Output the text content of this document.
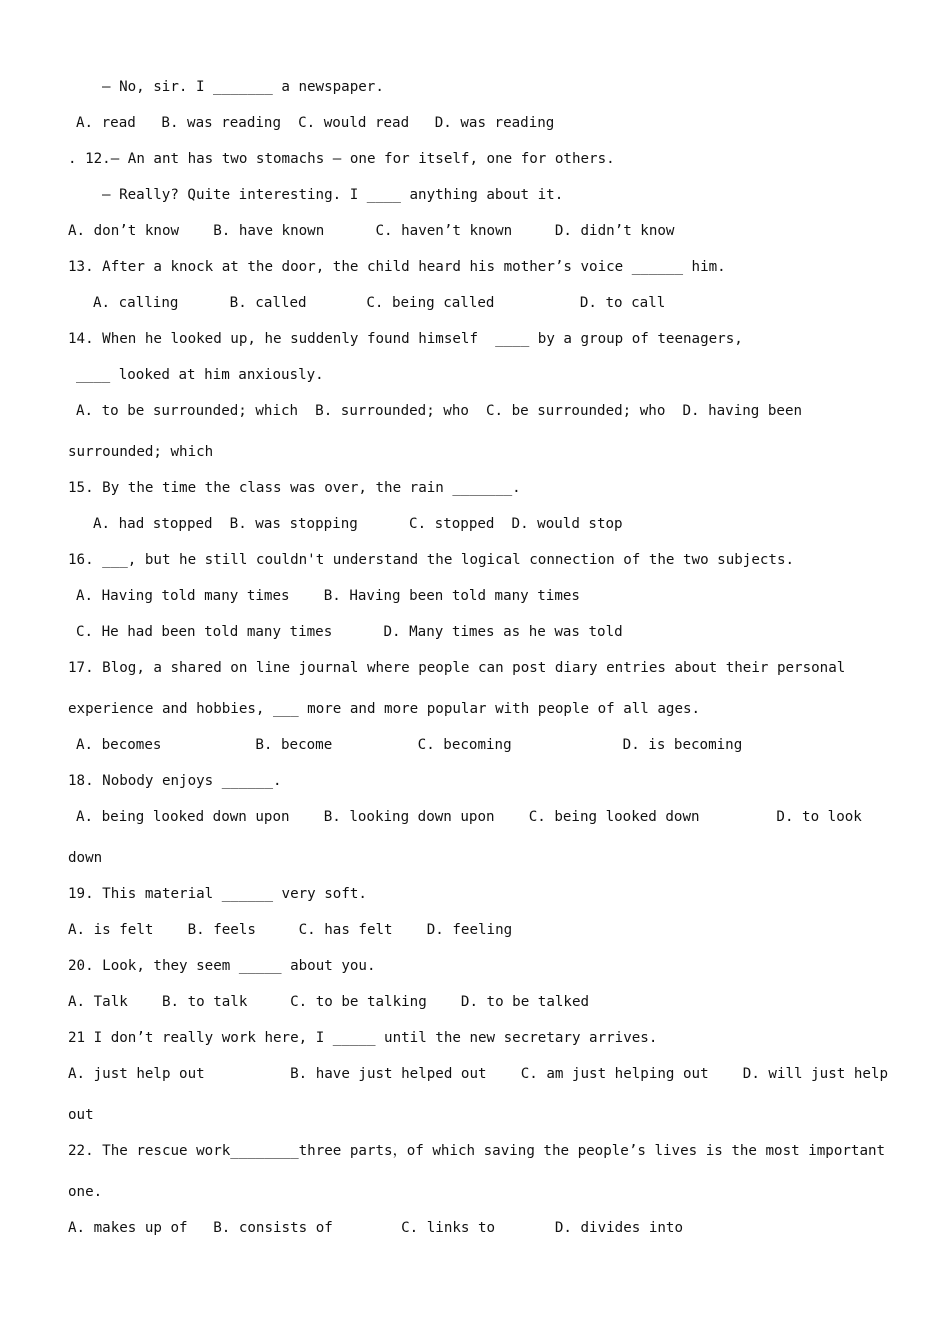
— No, sir. I _______ a newspaper.
A. read   B. was reading  C. would read   D. was reading
. 12.— An ant has two stomachs — one for itself, one for others.
— Really? Quite interesting. I ____ anything about it.
A. don’t know    B. have known      C. haven’t known     D. didn’t know
13. After a knock at the door, the child heard his mother’s voice ______ him.
A. calling      B. called       C. being called          D. to call
14. When he looked up, he suddenly found himself  ____ by a group of teenagers,
____ looked at him anxiously.
A. to be surrounded; which  B. surrounded; who  C. be surrounded; who  D. having been
surrounded; which
15. By the time the class was over, the rain _______.
A. had stopped  B. was stopping      C. stopped  D. would stop
16. ___, but he still couldn't understand the logical connection of the two subjects.
A. Having told many times    B. Having been told many times
C. He had been told many times      D. Many times as he was told
17. Blog, a shared on line journal where people can post diary entries about their personal
experience and hobbies, ___ more and more popular with people of all ages.
A. becomes           B. become          C. becoming             D. is becoming
18. Nobody enjoys ______.
A. being looked down upon    B. looking down upon    C. being looked down         D. to look
down
19. This material ______ very soft.
A. is felt    B. feels     C. has felt    D. feeling
20. Look, they seem _____ about you.
A. Talk    B. to talk     C. to be talking    D. to be talked
21 I don’t really work here, I _____ until the new secretary arrives.
A. just help out          B. have just helped out    C. am just helping out    D. will just help
out
22. The rescue work________three parts，of which saving the people’s lives is the most important
one.
A. makes up of   B. consists of        C. links to       D. divides into
